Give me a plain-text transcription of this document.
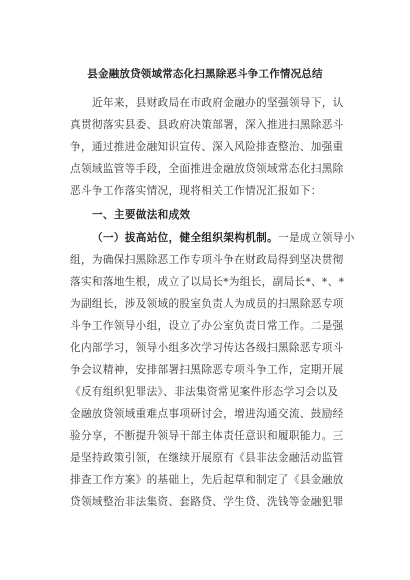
县金融放贷领域常态化扫黑除恶斗争工作情况总结
近年来，县财政局在市政府金融办的坚强领导下，认
真贯彻落实县委、县政府决策部署，深入推进扫黑除恶斗
争，通过推进金融知识宣传、深入风险排查整治、加强重
点领域监管等手段，全面推进金融放贷领域常态化扫黑除
恶斗争工作落实情况，现将相关工作情况汇报如下：
一、主要做法和成效
（一）拔高站位，健全组织架构机制。一是成立领导小
组，为确保扫黑除恶工作专项斗争在财政局得到坚决贯彻
落实和落地生根，成立了以局长*为组长，副局长*、*、*
为副组长，涉及领域的股室负责人为成员的扫黑除恶专项
斗争工作领导小组，设立了办公室负责日常工作。二是强
化内部学习，领导小组多次学习传达各级扫黑除恶专项斗
争会议精神，安排部署扫黑除恶专项斗争工作，定期开展
《反有组织犯罪法》、非法集资常见案件形态学习会以及
金融放贷领域重难点事项研讨会，增进沟通交流、鼓励经
验分享，不断提升领导干部主体责任意识和履职能力。三
是坚持政策引领，在继续开展原有《县非法金融活动监管
排查工作方案》的基础上，先后起草和制定了《县金融放
贷领域整治非法集资、套路贷、学生贷、洗钱等金融犯罪
